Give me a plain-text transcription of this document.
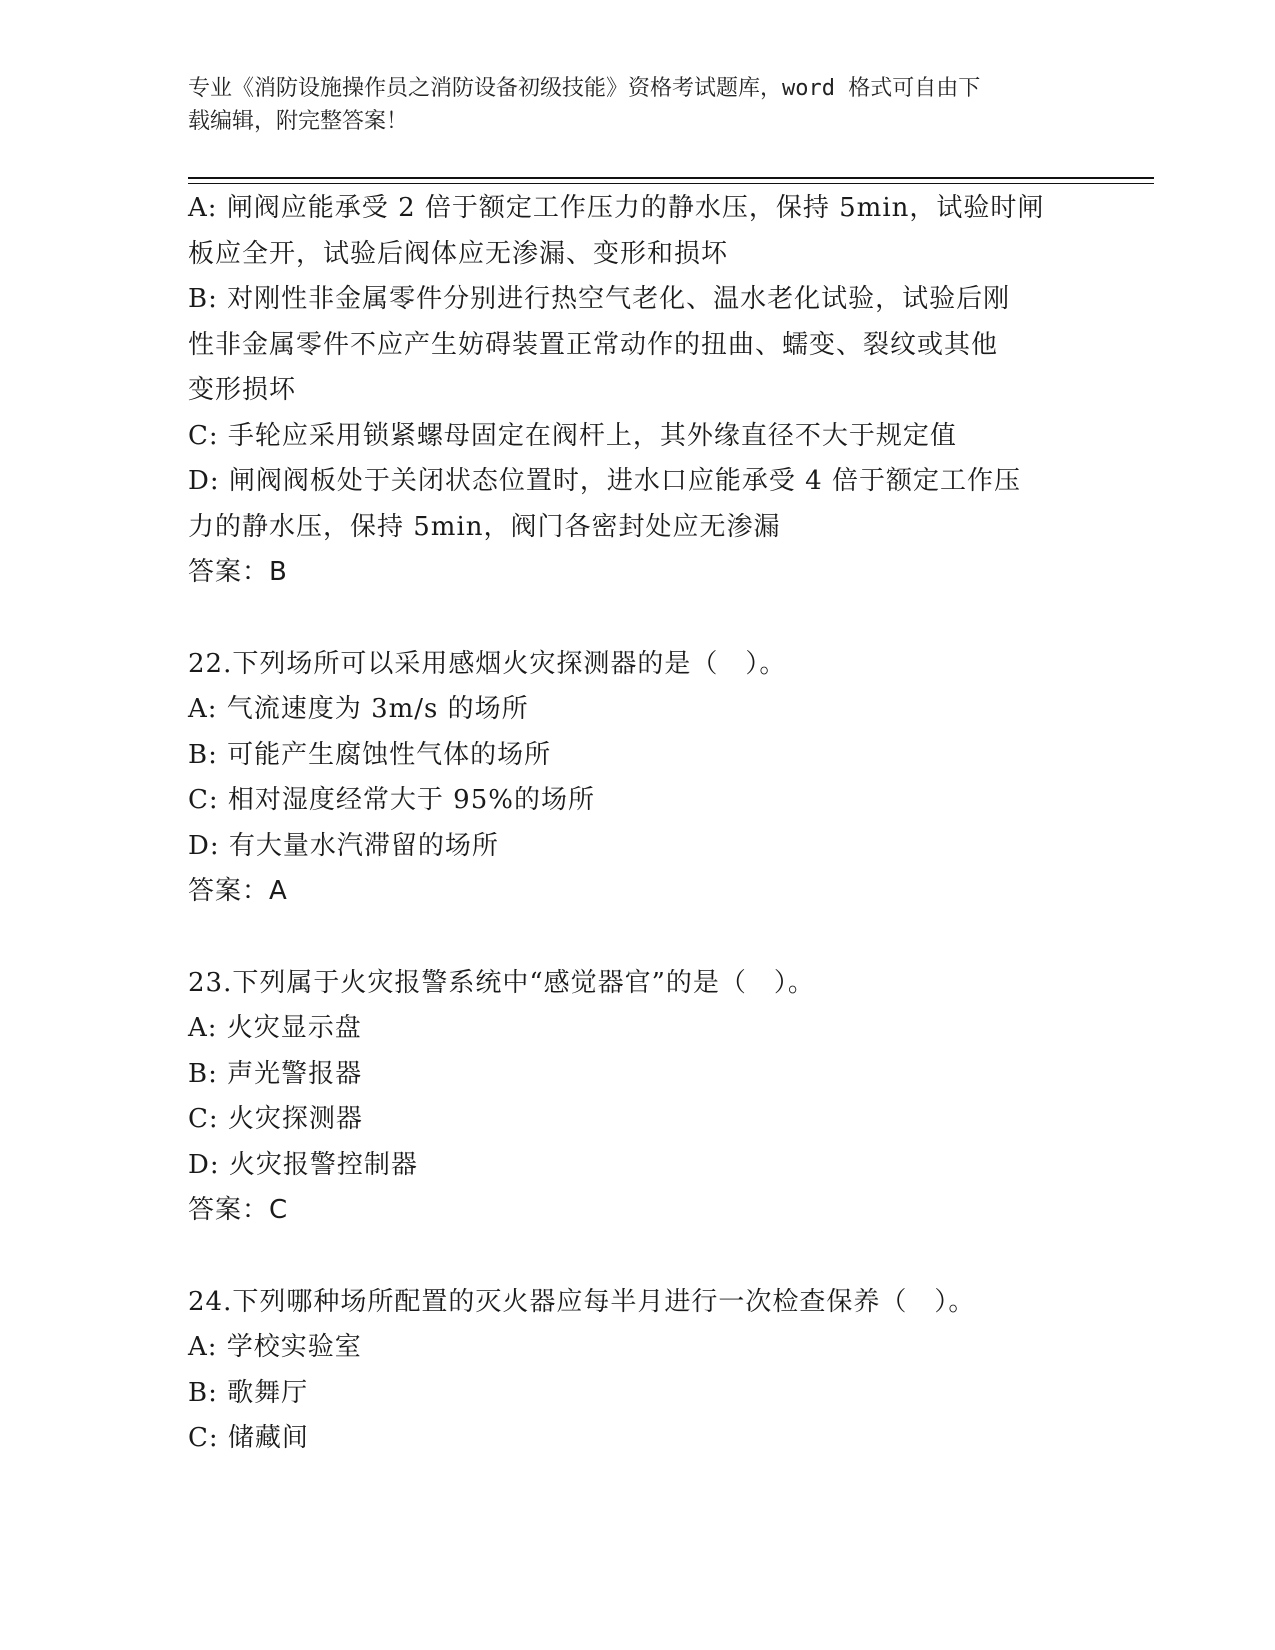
专业《消防设施操作员之消防设备初级技能》资格考试题库，word 格式可自由下
载编辑，附完整答案！
A: 闸阀应能承受 2 倍于额定工作压力的静水压，保持 5min，试验时闸
板应全开，试验后阀体应无渗漏、变形和损坏
B: 对刚性非金属零件分别进行热空气老化、温水老化试验，试验后刚
性非金属零件不应产生妨碍装置正常动作的扭曲、蠕变、裂纹或其他
变形损坏
C: 手轮应采用锁紧螺母固定在阀杆上，其外缘直径不大于规定值
D: 闸阀阀板处于关闭状态位置时，进水口应能承受 4 倍于额定工作压
力的静水压，保持 5min，阀门各密封处应无渗漏
答案：B
22.下列场所可以采用感烟火灾探测器的是（　）。
A: 气流速度为 3m/s 的场所
B: 可能产生腐蚀性气体的场所
C: 相对湿度经常大于 95%的场所
D: 有大量水汽滞留的场所
答案：A
23.下列属于火灾报警系统中“感觉器官”的是（　）。
A: 火灾显示盘
B: 声光警报器
C: 火灾探测器
D: 火灾报警控制器
答案：C
24.下列哪种场所配置的灭火器应每半月进行一次检查保养（　）。
A: 学校实验室
B: 歌舞厅
C: 储藏间
